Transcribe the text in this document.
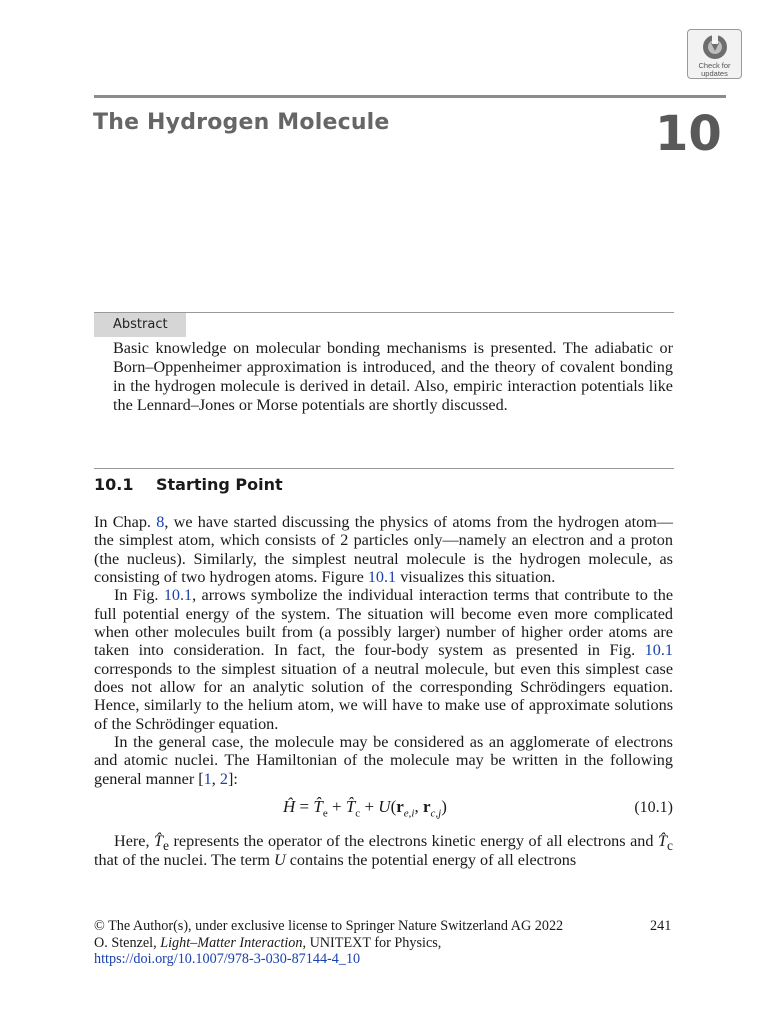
Check for
updates
The Hydrogen Molecule	10
Abstract
Basic knowledge on molecular bonding mechanisms is presented. The adiabatic or Born–Oppenheimer approximation is introduced, and the theory of covalent bonding in the hydrogen molecule is derived in detail. Also, empiric interaction potentials like the Lennard–Jones or Morse potentials are shortly discussed.
10.1 Starting Point

In Chap. 8, we have started discussing the physics of atoms from the hydrogen atom—the simplest atom, which consists of 2 particles only—namely an electron and a proton (the nucleus). Similarly, the simplest neutral molecule is the hydrogen molecule, as consisting of two hydrogen atoms. Figure 10.1 visualizes this situation.

In Fig. 10.1, arrows symbolize the individual interaction terms that contribute to the full potential energy of the system. The situation will become even more complicated when other molecules built from (a possibly larger) number of higher order atoms are taken into consideration. In fact, the four-body system as presented in Fig. 10.1 corresponds to the simplest situation of a neutral molecule, but even this simplest case does not allow for an analytic solution of the corresponding Schrödingers equation. Hence, similarly to the helium atom, we will have to make use of approximate solutions of the Schrödinger equation.

In the general case, the molecule may be considered as an agglomerate of electrons and atomic nuclei. The Hamiltonian of the molecule may be written in the following general manner [1, 2]:

Ĥ = $T̂_e$ + $T̂_c + U(r_{e,i}$, $r_{c,j}$)	(10.1)

Here, $T̂_e$ represents the operator of the electrons kinetic energy of all electrons and $T̂_c$ that of the nuclei. The term U contains the potential energy of all electrons

© The Author(s), under exclusive license to Springer Nature Switzerland AG 2022
O. Stenzel, Light–Matter Interaction, UNITEXT for Physics,
https://doi.org/10.1007/978-3-030-87144-4_10
241
